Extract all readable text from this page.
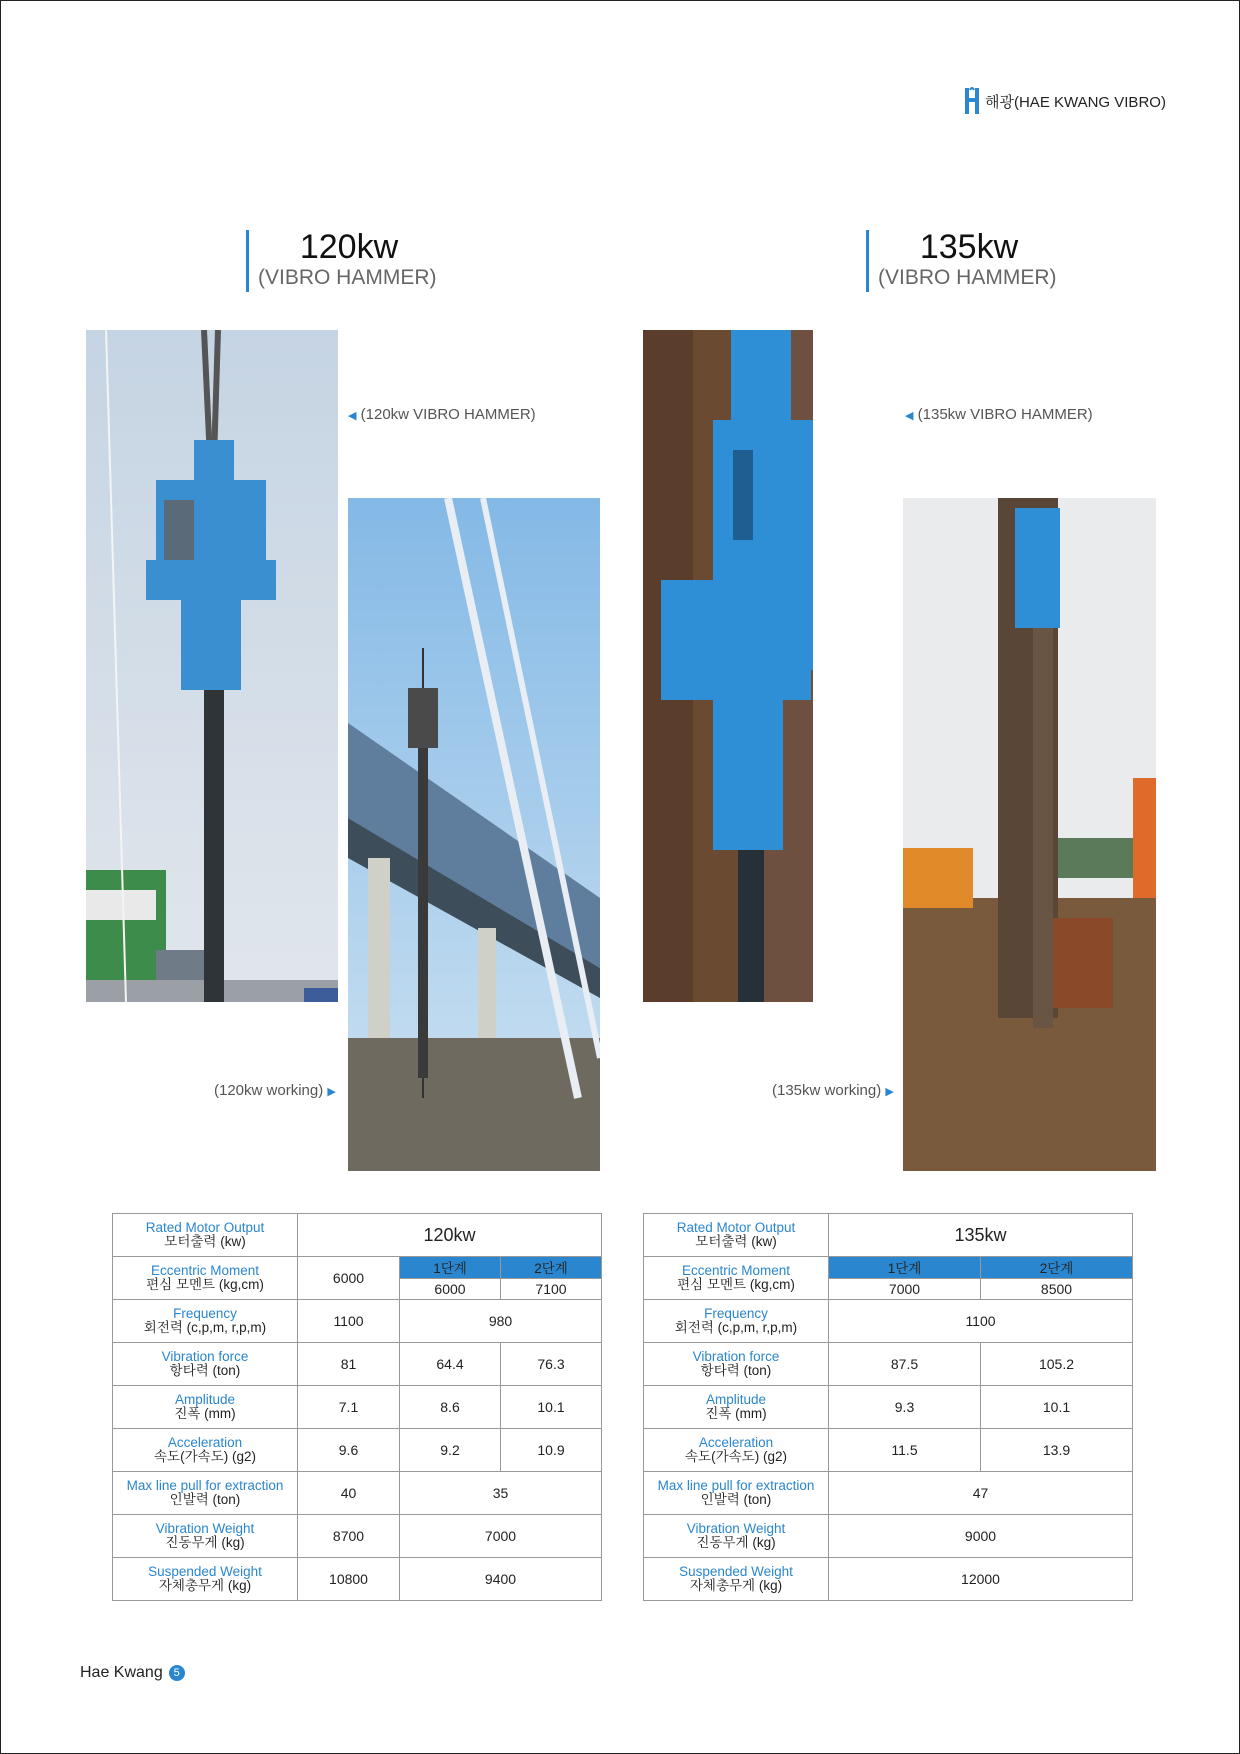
해광(HAE KWANG VIBRO)
120kw
(VIBRO HAMMER)
135kw
(VIBRO HAMMER)
◀ (120kw VIBRO HAMMER)
(120kw working) ▶
◀ (135kw VIBRO HAMMER)
(135kw working) ▶
Rated Motor Output
모터출력 (kw)	120kw		

Eccentric Moment
편심 모멘트 (kg,cm)	6000	1단계	2단계
		6000	7100

Frequency
회전력 (c,p,m, r,p,m)	1100	980	

Vibration force
항타력 (ton)	81	64.4	76.3

Amplitude
진폭 (mm)	7.1	8.6	10.1

Acceleration
속도(가속도) (g2)	9.6	9.2	10.9

Max line pull for extraction
인발력 (ton)	40	35	

Vibration Weight
진동무게 (kg)	8700	7000	

Suspended Weight
자체총무게 (kg)	10800	9400	
Rated Motor Output
모터출력 (kw)	135kw	

Eccentric Moment
편심 모멘트 (kg,cm)	1단계	2단계
	7000	8500

Frequency
회전력 (c,p,m, r,p,m)	1100	

Vibration force
항타력 (ton)	87.5	105.2

Amplitude
진폭 (mm)	9.3	10.1

Acceleration
속도(가속도) (g2)	11.5	13.9

Max line pull for extraction
인발력 (ton)	47	

Vibration Weight
진동무게 (kg)	9000	

Suspended Weight
자체총무게 (kg)	12000	
Hae Kwang 5
